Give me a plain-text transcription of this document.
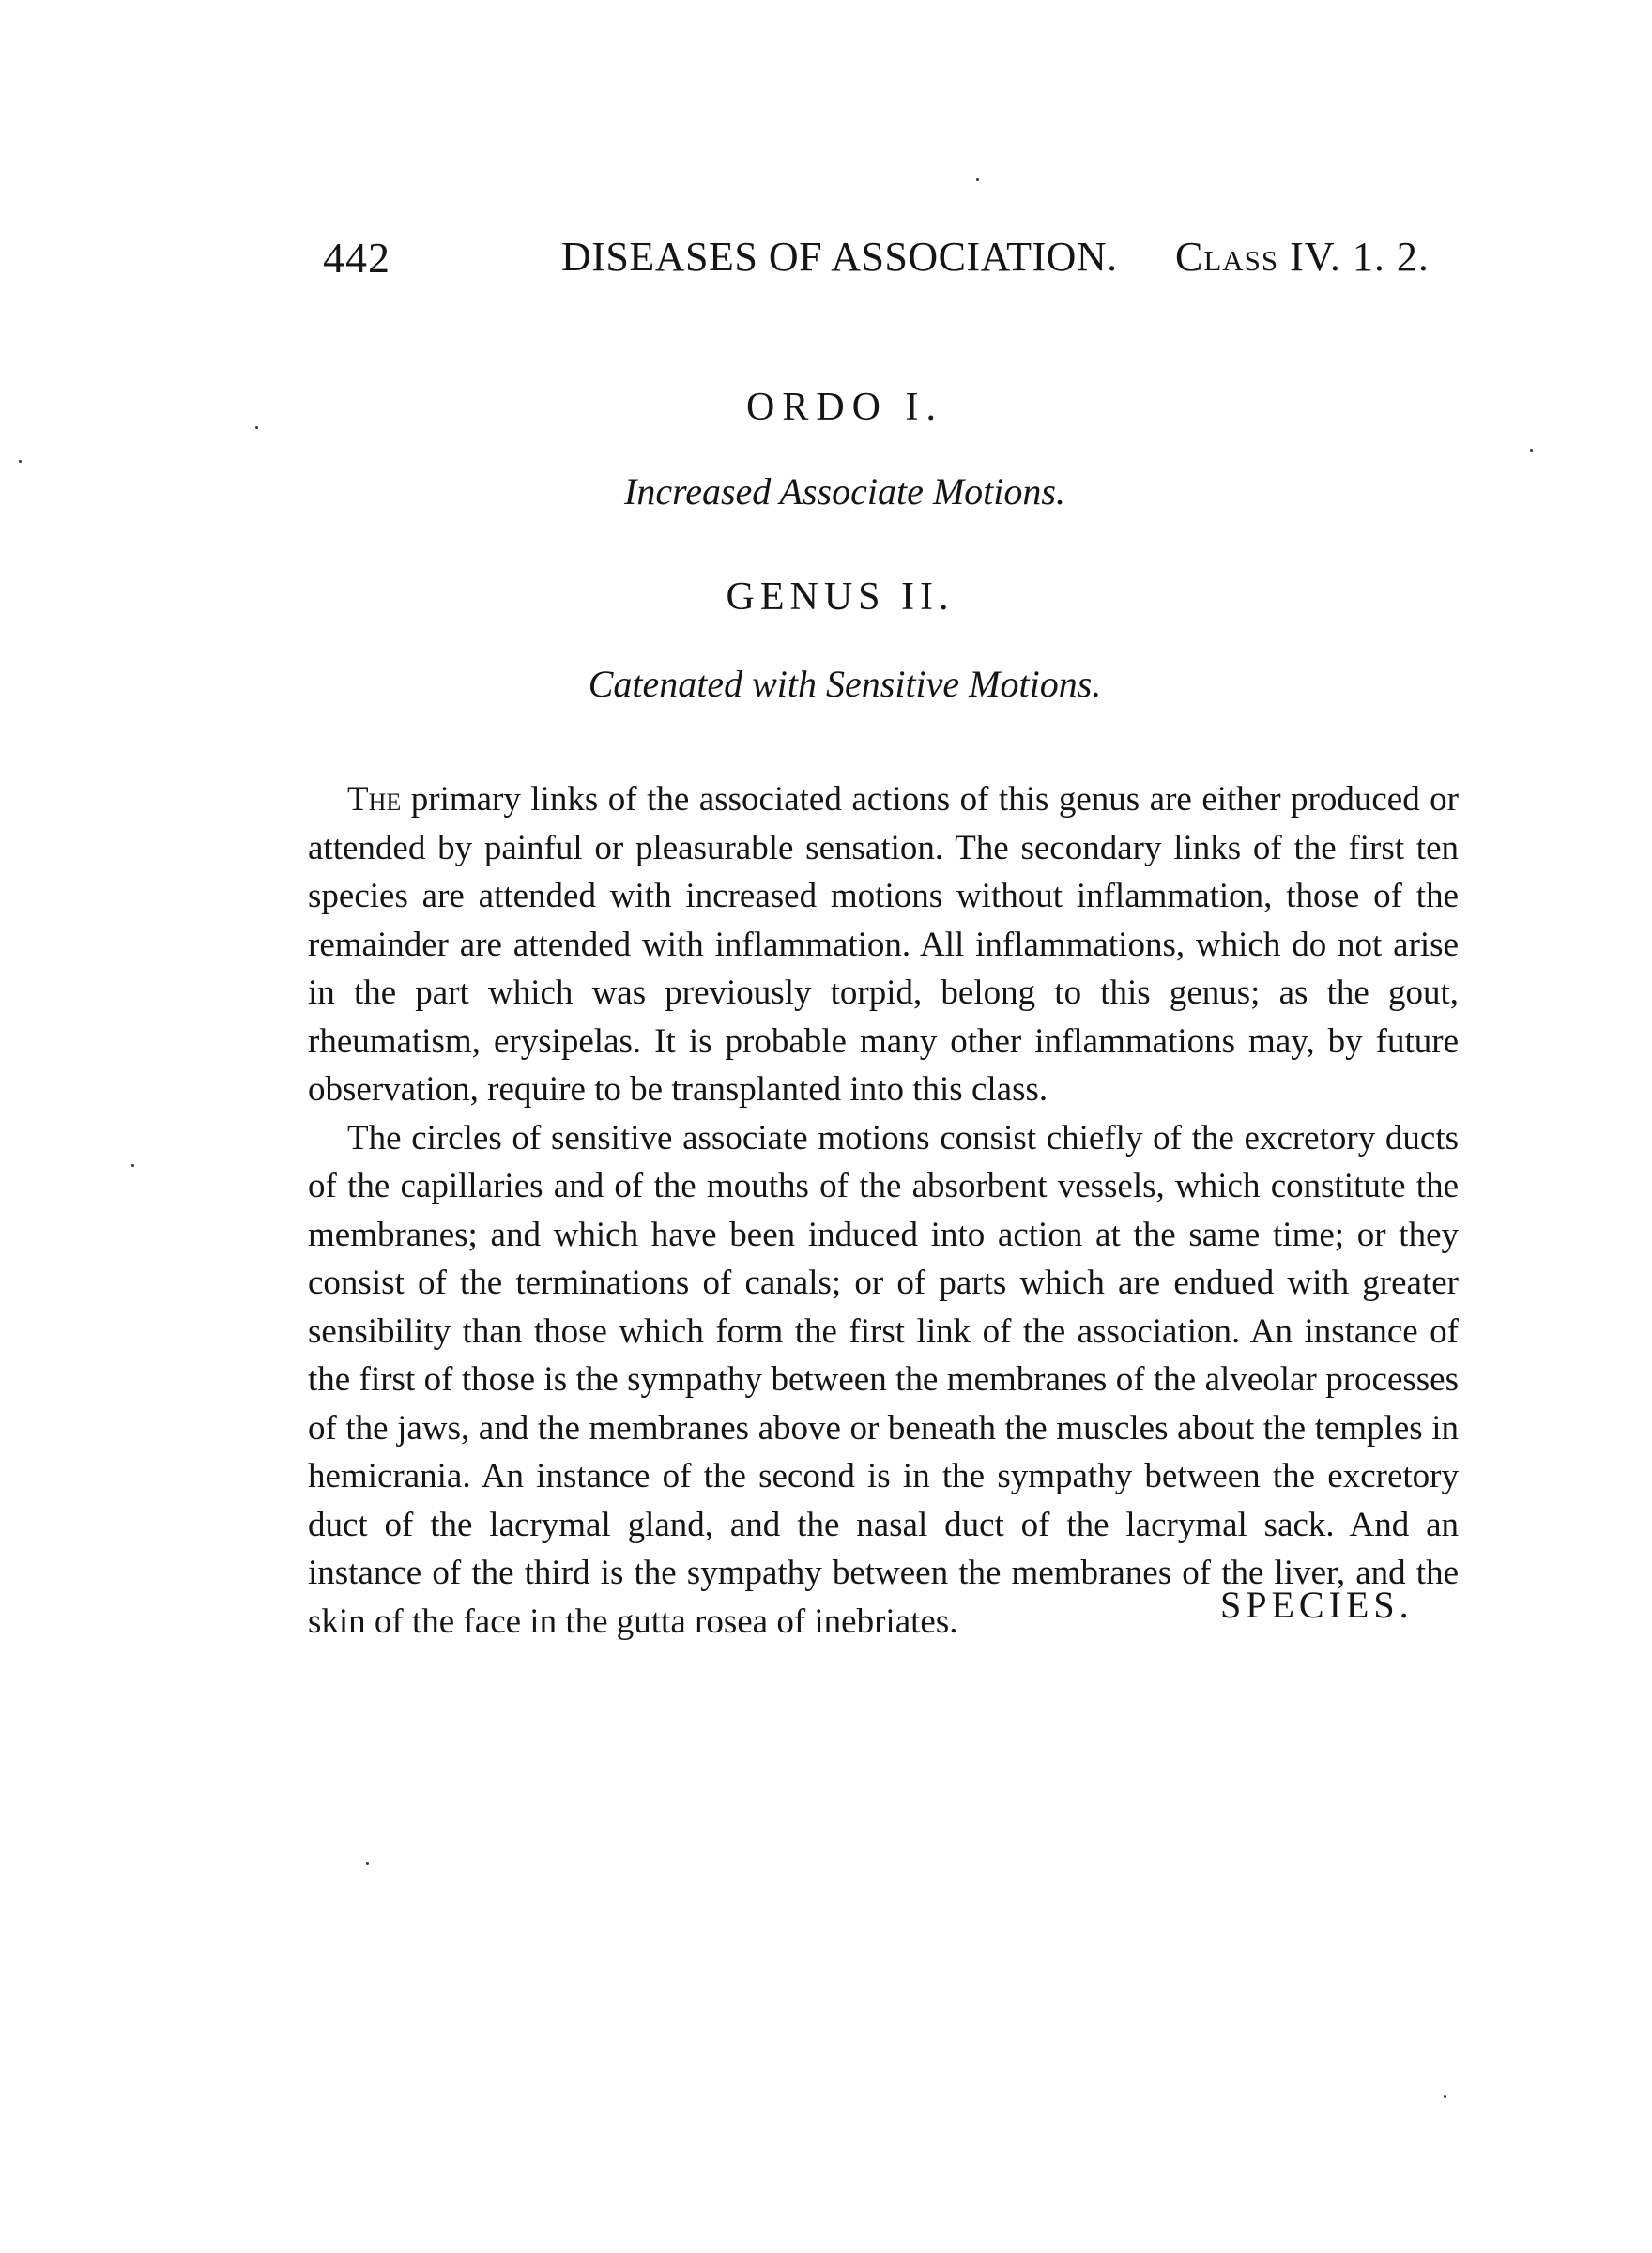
442	DISEASES OF ASSOCIATION. Class IV. 1. 2.
ORDO I.
Increased Associate Motions.
GENUS II.
Catenated with Sensitive Motions.

The primary links of the associated actions of this genus are either produced or attended by painful or pleasurable sensation. The secondary links of the first ten species are attended with increased motions without inflammation, those of the remainder are attended with inflammation. All inflammations, which do not arise in the part which was previously torpid, belong to this genus; as the gout, rheumatism, erysipelas. It is probable many other inflammations may, by future observation, require to be transplanted into this class.

The circles of sensitive associate motions consist chiefly of the excretory ducts of the capillaries and of the mouths of the absorbent vessels, which constitute the membranes; and which have been induced into action at the same time; or they consist of the terminations of canals; or of parts which are endued with greater sensibility than those which form the first link of the association. An instance of the first of those is the sympathy between the membranes of the alveolar processes of the jaws, and the membranes above or beneath the muscles about the temples in hemicrania. An instance of the second is in the sympathy between the excretory duct of the lacrymal gland, and the nasal duct of the lacrymal sack. And an instance of the third is the sympathy between the membranes of the liver, and the skin of the face in the gutta rosea of inebriates.	SPECIES.
